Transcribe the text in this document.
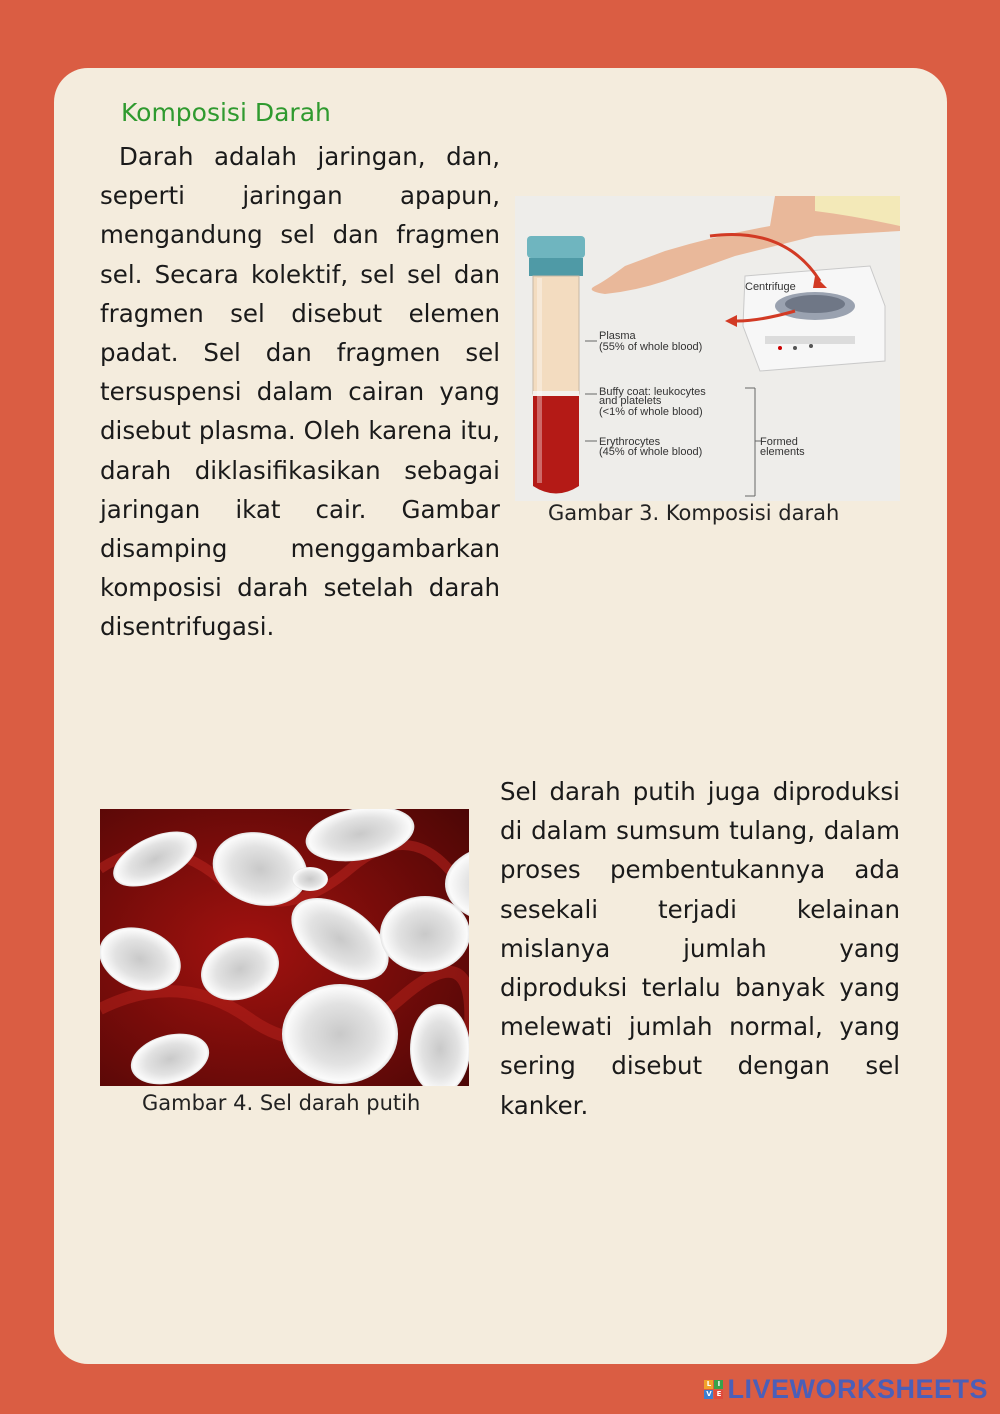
Komposisi Darah
Darah adalah jaringan, dan, seperti jaringan apapun, mengandung sel dan fragmen sel. Secara kolektif, sel sel dan fragmen sel disebut elemen padat. Sel dan fragmen sel tersuspensi dalam cairan yang disebut plasma. Oleh karena itu, darah diklasifikasikan sebagai jaringan ikat cair. Gambar disamping menggambarkan komposisi darah setelah darah disentrifugasi.
Centrifuge
Plasma
(55% of whole blood)
Buffy coat: leukocytes
and platelets
(<1% of whole blood)
Erythrocytes
(45% of whole blood)
Formed
elements
Gambar 3. Komposisi darah
Gambar 4. Sel darah putih
Sel darah putih juga diproduksi di dalam sumsum tulang, dalam proses pembentukannya ada sesekali terjadi kelainan mislanya jumlah yang diproduksi terlalu banyak yang melewati jumlah normal, yang sering disebut dengan sel kanker.
L I
V E LIVEWORKSHEETS
